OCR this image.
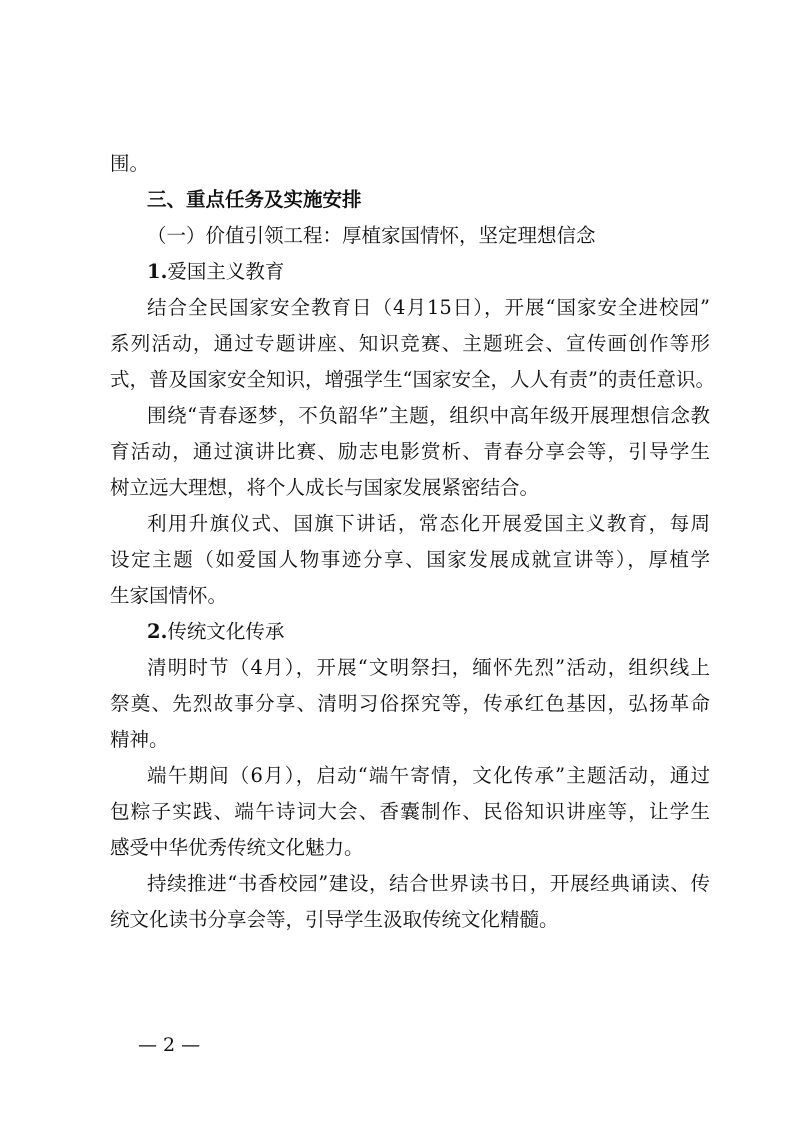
围。
三、重点任务及实施安排
（一）价值引领工程：厚植家国情怀，坚定理想信念
1.爱国主义教育
结合全民国家安全教育日（4月15日），开展“国家安全进校园”
系列活动，通过专题讲座、知识竞赛、主题班会、宣传画创作等形
式，普及国家安全知识，增强学生“国家安全，人人有责”的责任意识。
围绕“青春逐梦，不负韶华”主题，组织中高年级开展理想信念教
育活动，通过演讲比赛、励志电影赏析、青春分享会等，引导学生
树立远大理想，将个人成长与国家发展紧密结合。
利用升旗仪式、国旗下讲话，常态化开展爱国主义教育，每周
设定主题（如爱国人物事迹分享、国家发展成就宣讲等），厚植学
生家国情怀。
2.传统文化传承
清明时节（4月），开展“文明祭扫，缅怀先烈”活动，组织线上
祭奠、先烈故事分享、清明习俗探究等，传承红色基因，弘扬革命
精神。
端午期间（6月），启动“端午寄情，文化传承”主题活动，通过
包粽子实践、端午诗词大会、香囊制作、民俗知识讲座等，让学生
感受中华优秀传统文化魅力。
持续推进“书香校园”建设，结合世界读书日，开展经典诵读、传
统文化读书分享会等，引导学生汲取传统文化精髓。
— 2 —
